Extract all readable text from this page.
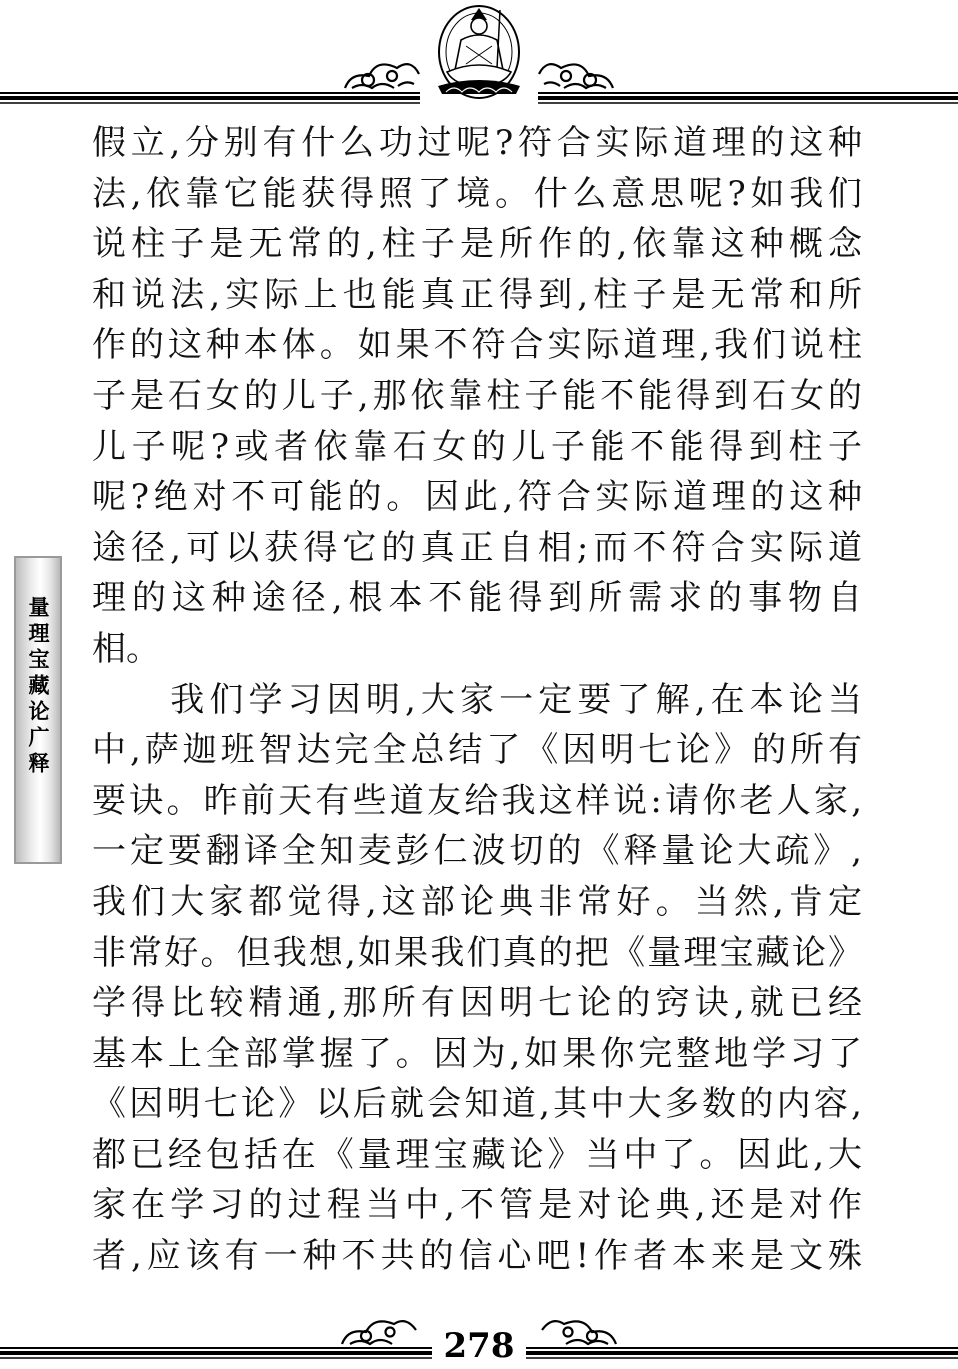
量理宝藏论广释
假立,分别有什么功过呢?符合实际道理的这种
法,依靠它能获得照了境。什么意思呢?如我们
说柱子是无常的,柱子是所作的,依靠这种概念
和说法,实际上也能真正得到,柱子是无常和所
作的这种本体。如果不符合实际道理,我们说柱
子是石女的儿子,那依靠柱子能不能得到石女的
儿子呢?或者依靠石女的儿子能不能得到柱子
呢?绝对不可能的。因此,符合实际道理的这种
途径,可以获得它的真正自相;而不符合实际道
理的这种途径,根本不能得到所需求的事物自
相。
　　我们学习因明,大家一定要了解,在本论当
中,萨迦班智达完全总结了《因明七论》的所有
要诀。昨前天有些道友给我这样说:请你老人家,
一定要翻译全知麦彭仁波切的《释量论大疏》,
我们大家都觉得,这部论典非常好。当然,肯定
非常好。但我想,如果我们真的把《量理宝藏论》
学得比较精通,那所有因明七论的窍诀,就已经
基本上全部掌握了。因为,如果你完整地学习了
《因明七论》以后就会知道,其中大多数的内容,
都已经包括在《量理宝藏论》当中了。因此,大
家在学习的过程当中,不管是对论典,还是对作
者,应该有一种不共的信心吧!作者本来是文殊
278
